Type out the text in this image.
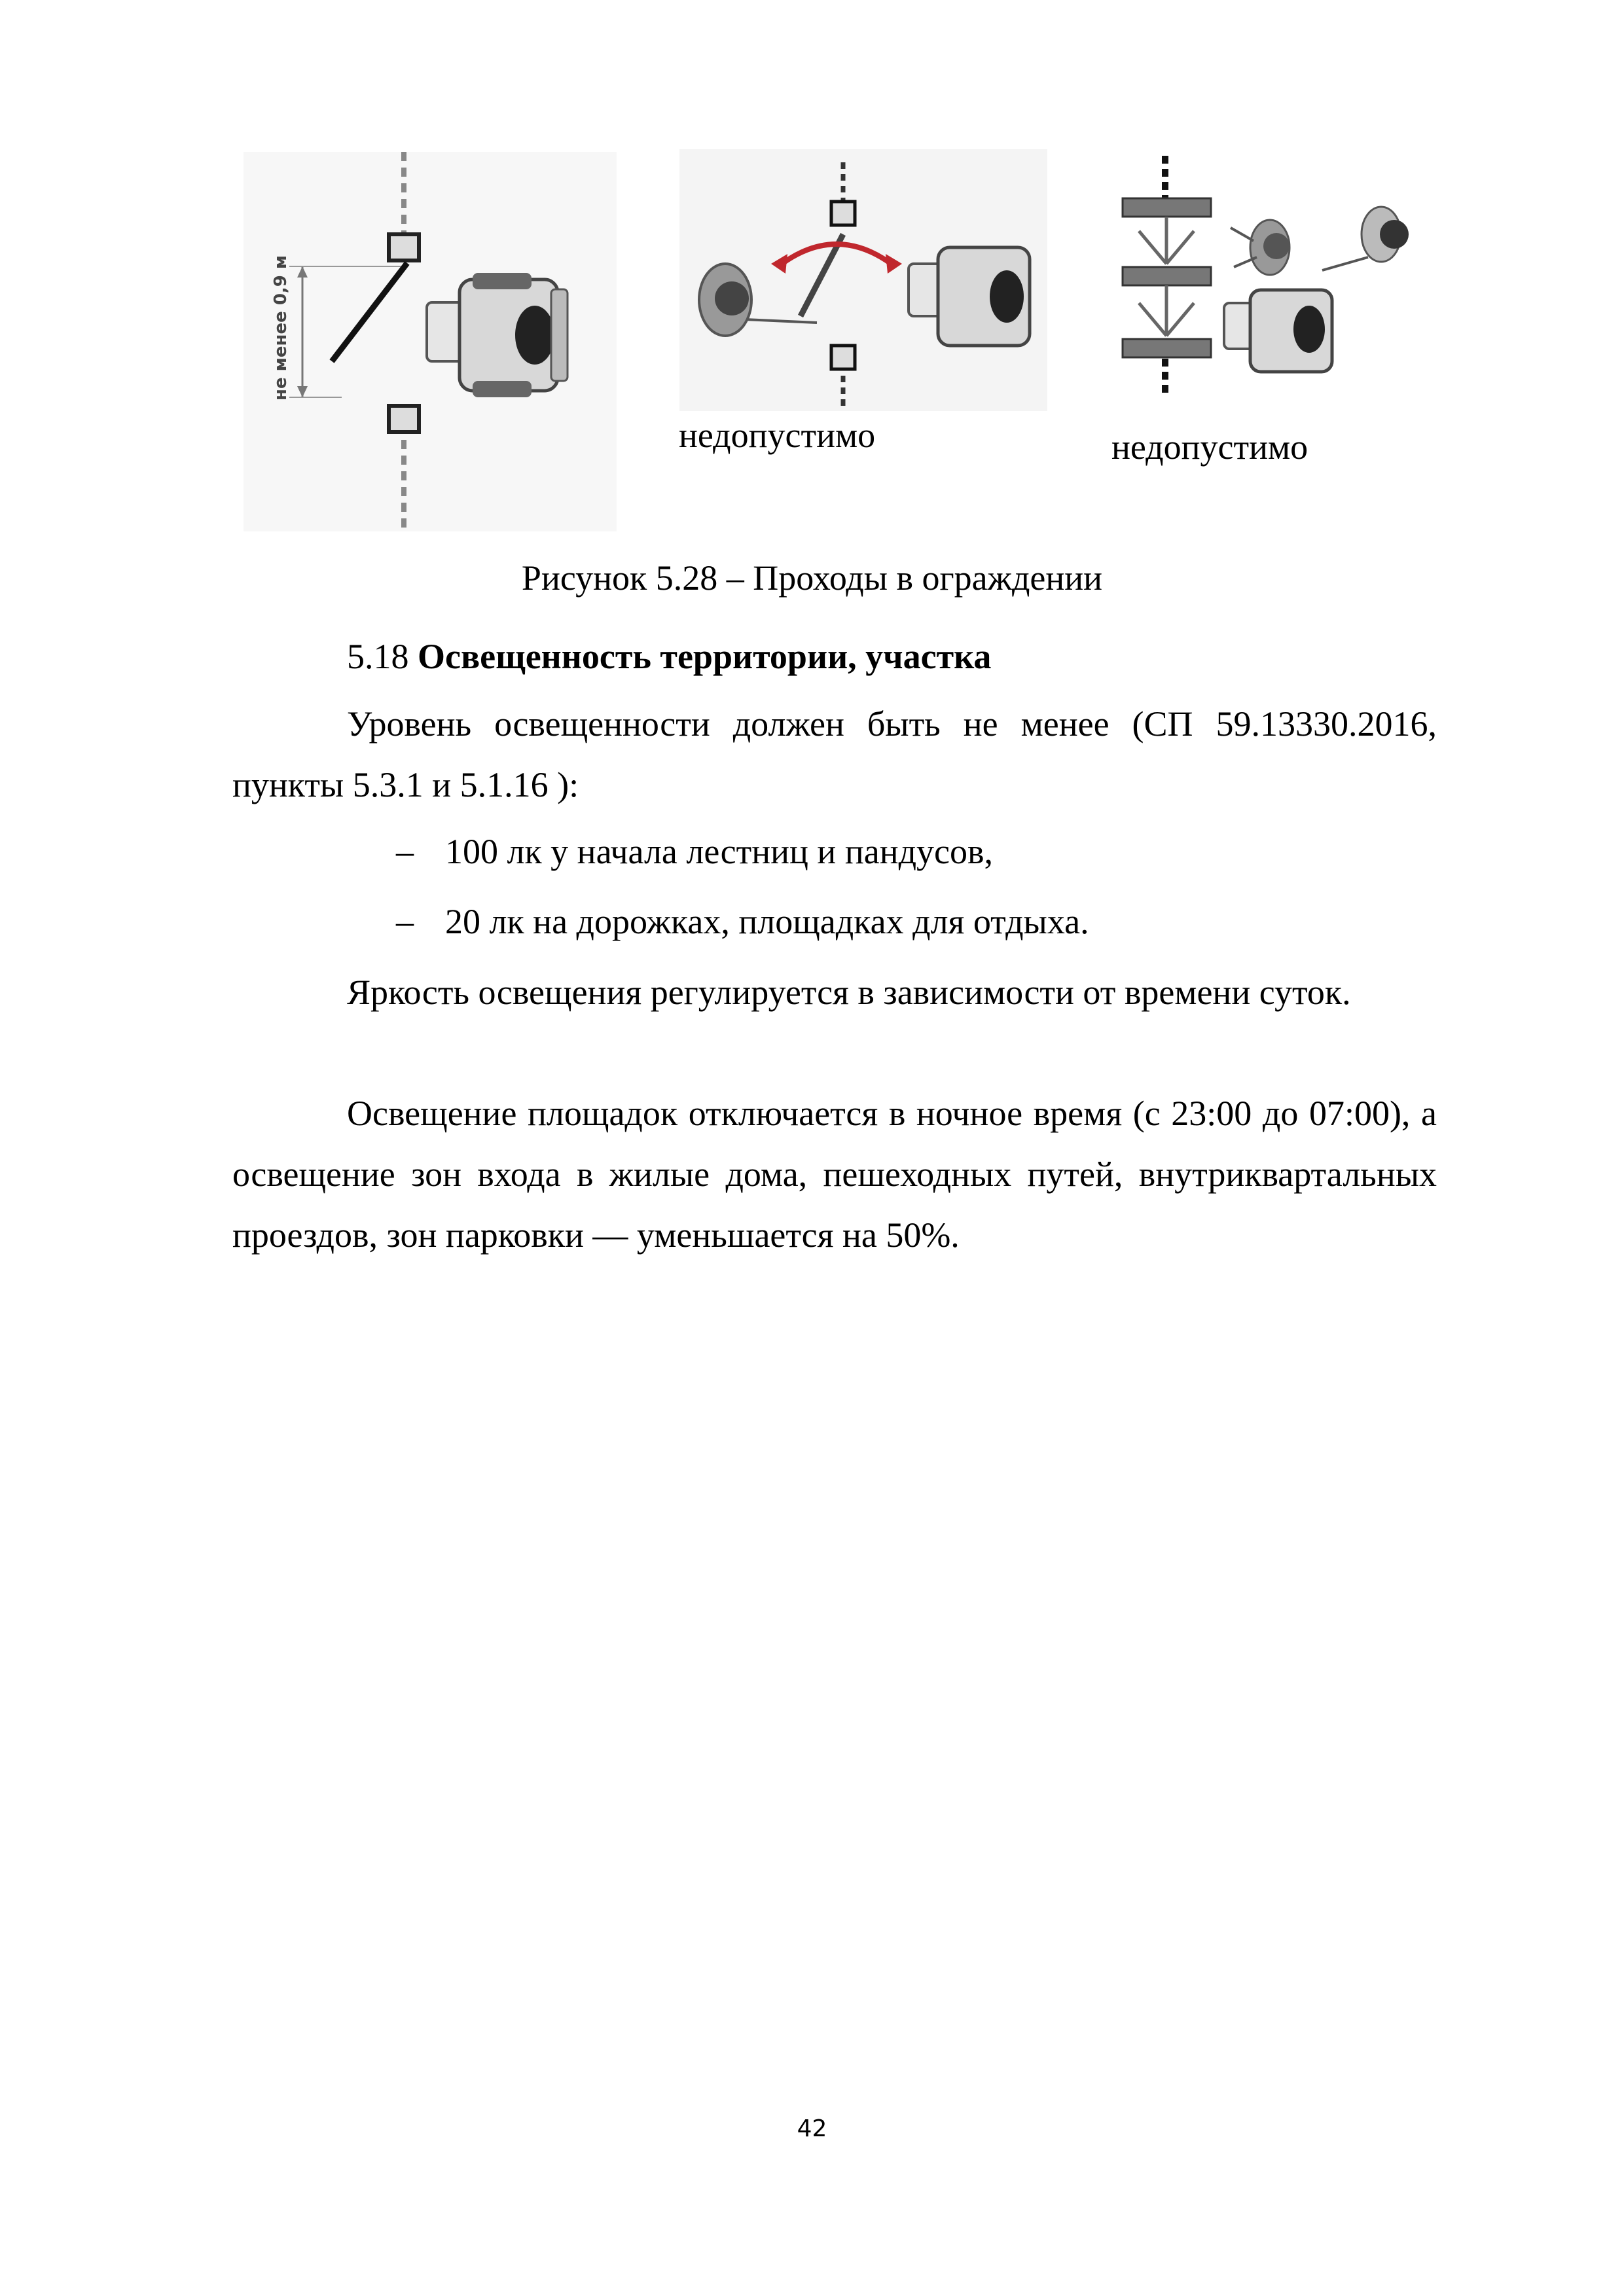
не менее 0,9 м
недопустимо	недопустимо
Рисунок 5.28 – Проходы в ограждении
5.18 Освещенность территории, участка
Уровень освещенности должен быть не менее (СП 59.13330.2016, пункты 5.3.1 и 5.1.16 ):
– 100 лк у начала лестниц и пандусов,
– 20 лк на дорожках, площадках для отдыха.
Яркость освещения регулируется в зависимости от времени суток.
Освещение площадок отключается в ночное время (с 23:00 до 07:00), а освещение зон входа в жилые дома, пешеходных путей, внутриквартальных проездов, зон парковки — уменьшается на 50%.
42
